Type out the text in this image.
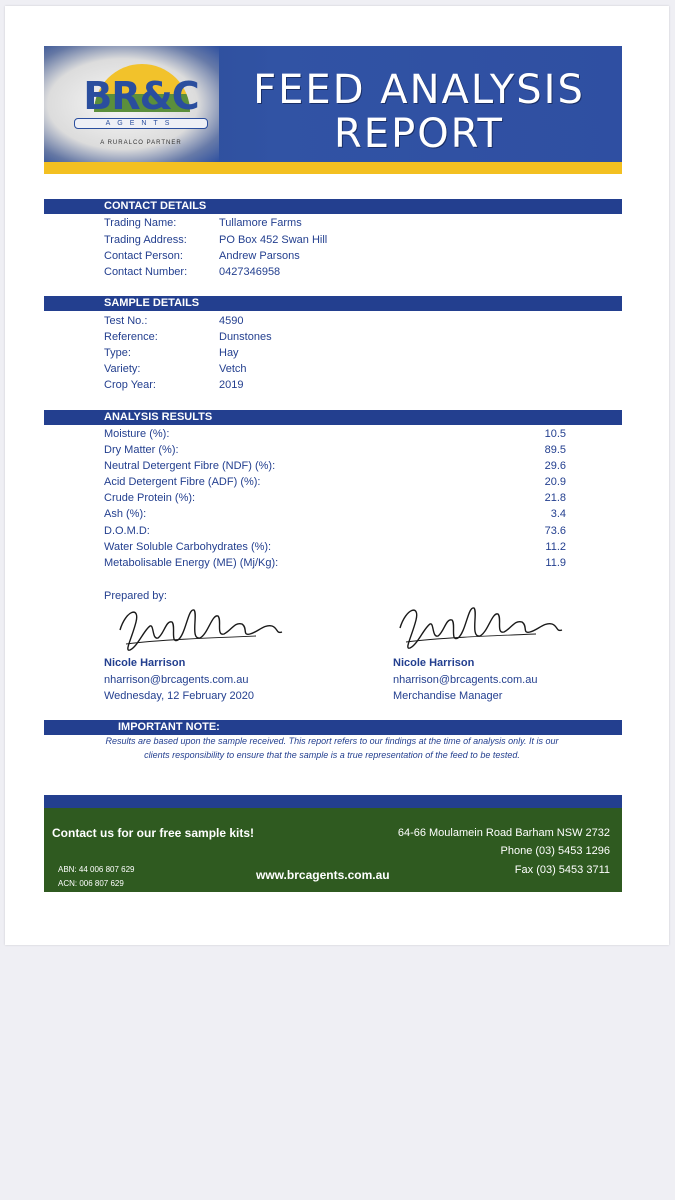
BR&C
AGENTS
A RURALCO PARTNER
FEED ANALYSIS
REPORT
CONTACT DETAILS
Trading Name:	Tullamore Farms
Trading Address:	PO Box 452 Swan Hill
Contact Person:	Andrew Parsons
Contact Number:	0427346958
SAMPLE DETAILS
Test No.:	4590
Reference:	Dunstones
Type:	Hay
Variety:	Vetch
Crop Year:	2019
ANALYSIS RESULTS
Moisture (%):	10.5
Dry Matter (%):	89.5
Neutral Detergent Fibre (NDF) (%):	29.6
Acid Detergent Fibre (ADF) (%):	20.9
Crude Protein (%):	21.8
Ash (%):	3.4
D.O.M.D:	73.6
Water Soluble Carbohydrates (%):	11.2
Metabolisable Energy (ME) (Mj/Kg):	11.9
Prepared by:
Nicole Harrison
nharrison@brcagents.com.au
Wednesday, 12 February 2020
Nicole Harrison
nharrison@brcagents.com.au
Merchandise Manager
IMPORTANT NOTE:
Results are based upon the sample received. This report refers to our findings at the time of analysis only. It is our clients responsibility to ensure that the sample is a true representation of the feed to be tested.
Contact us for our free sample kits!	64-66 Moulamein Road Barham NSW 2732
Phone (03) 5453 1296
Fax (03) 5453 3711
ABN: 44 006 807 629
ACN: 006 807 629
www.brcagents.com.au
